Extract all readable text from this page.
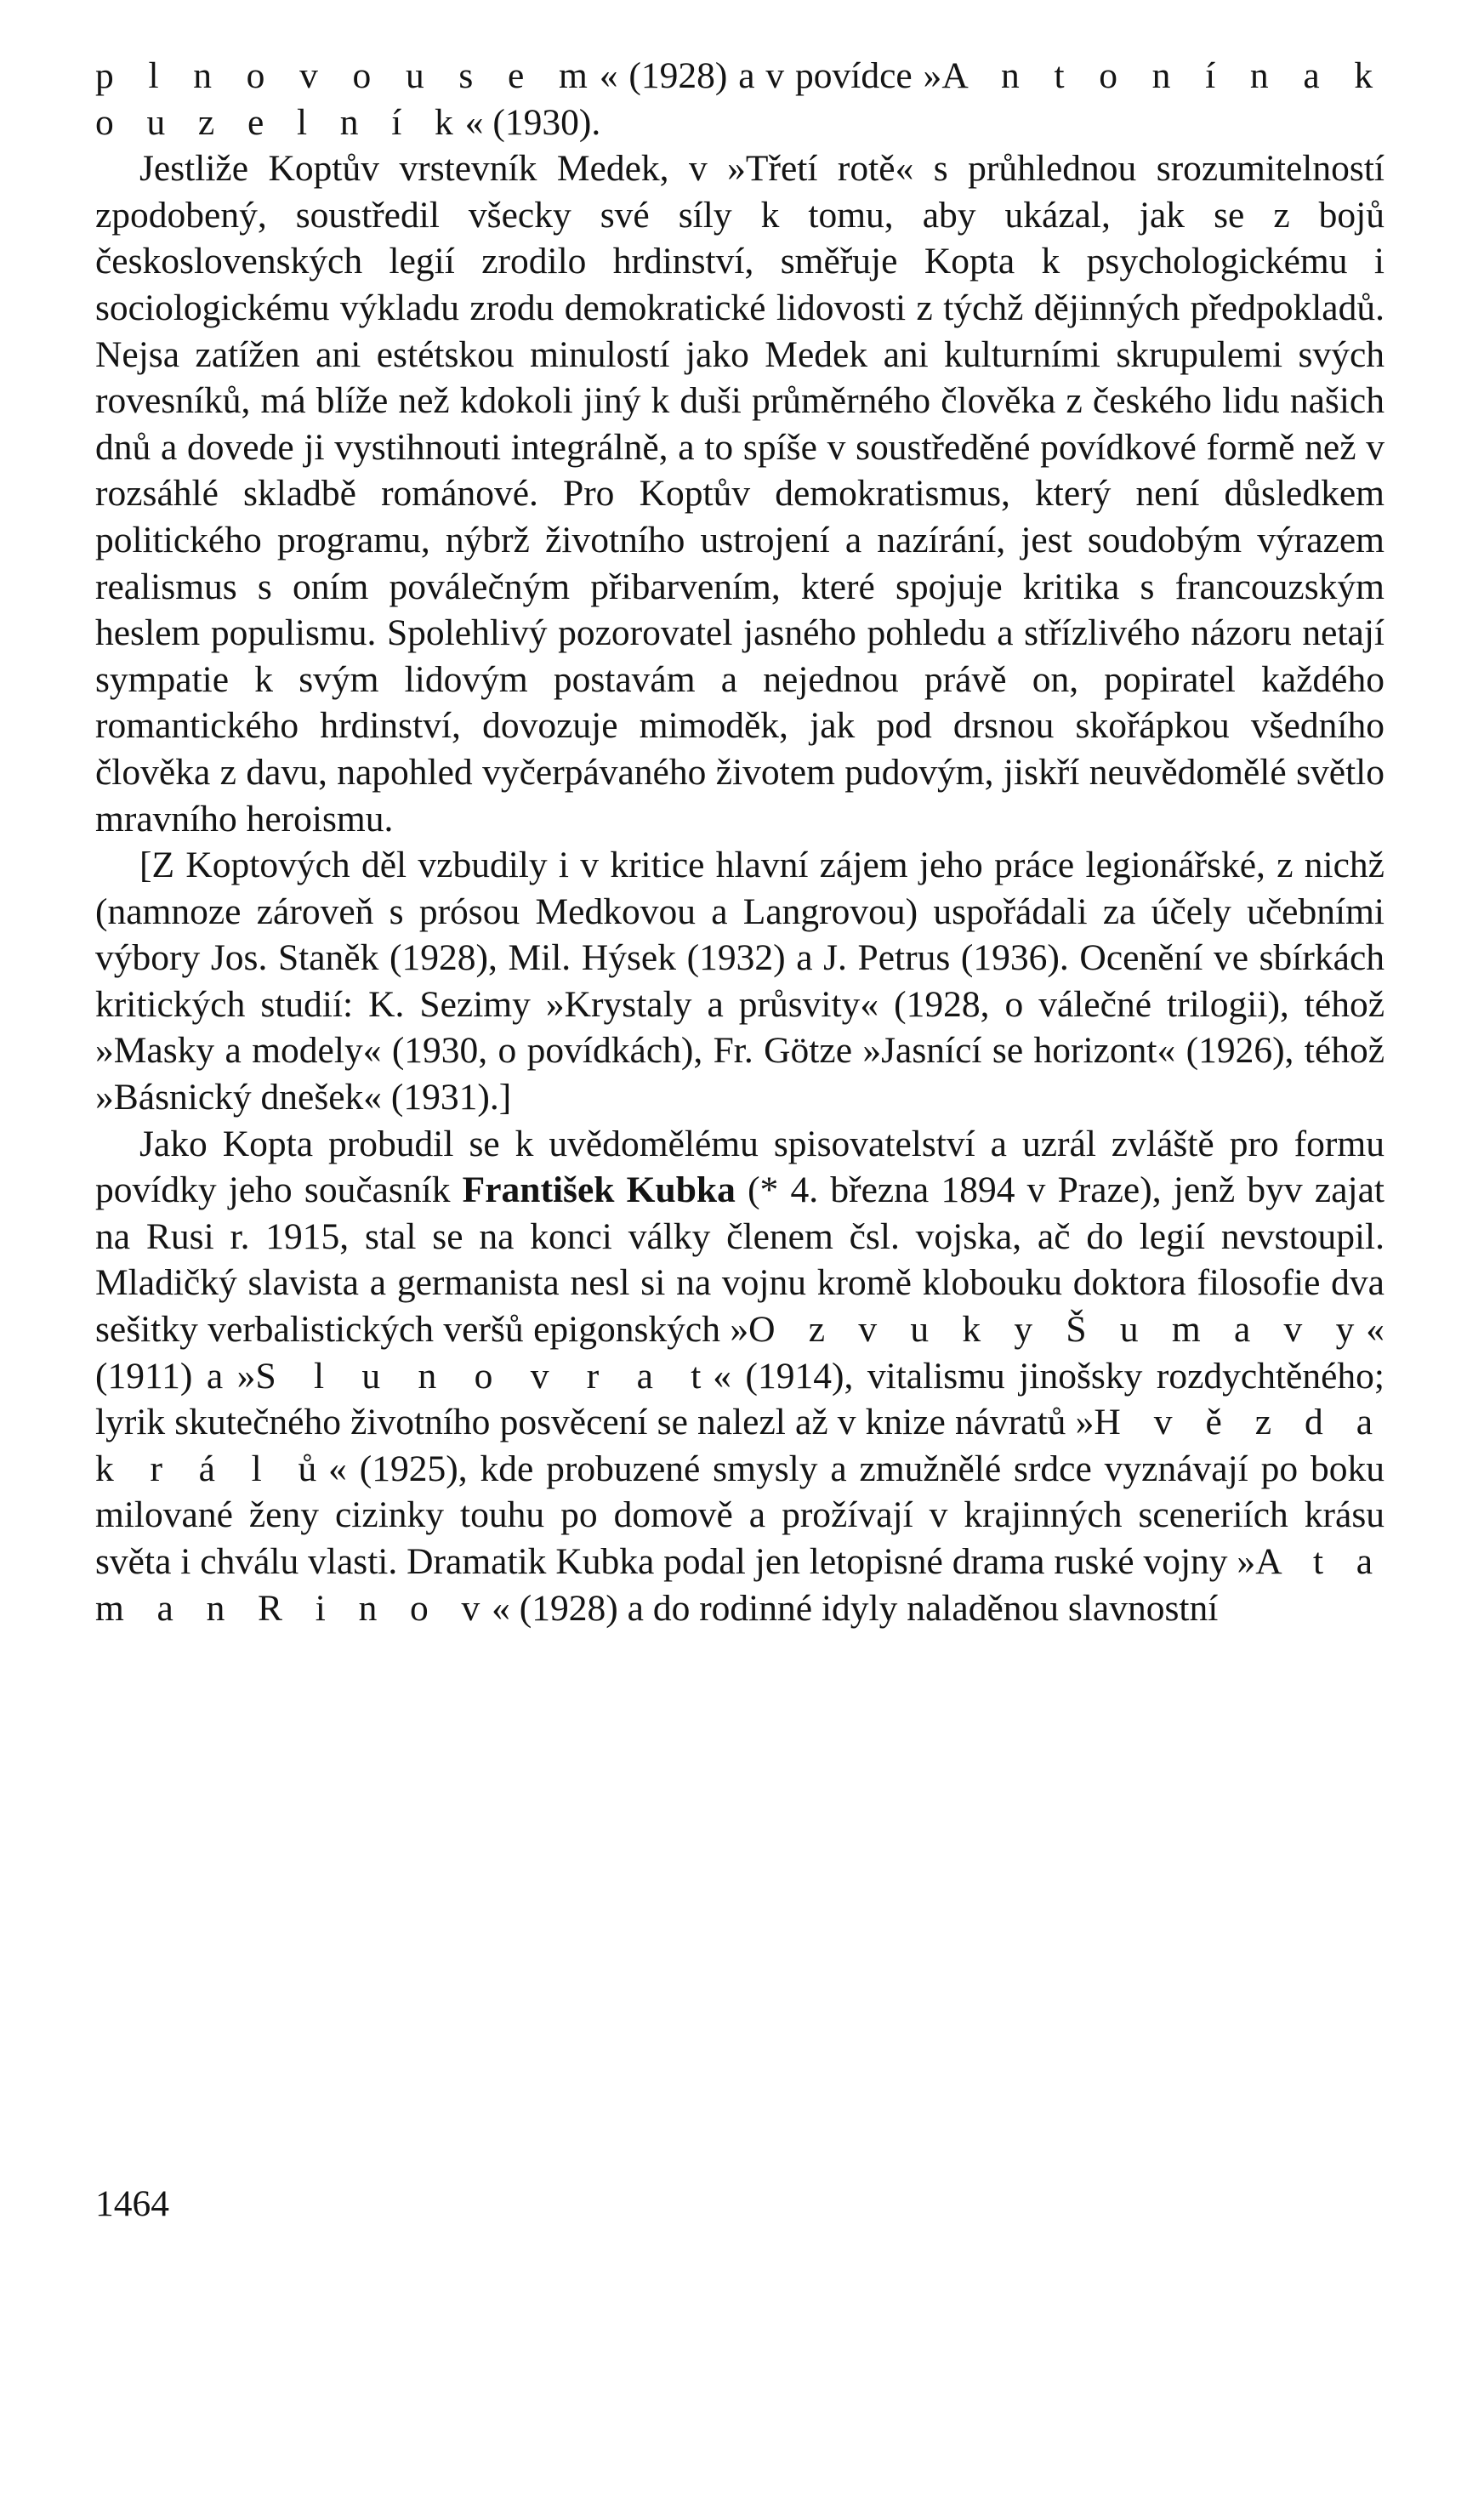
p l n o v o u s e m« (1928) a v povídce »A n t o n í n a k o u z e l n í k« (1930).

Jestliže Koptův vrstevník Medek, v »Třetí rotě« s průhlednou srozumitelností zpodobený, soustředil všecky své síly k tomu, aby ukázal, jak se z bojů československých legií zrodilo hrdinství, směřuje Kopta k psychologickému i sociologickému výkladu zrodu demokratické lidovosti z týchž dějinných předpokladů. Nejsa zatížen ani estétskou minulostí jako Medek ani kulturními skrupulemi svých rovesníků, má blíže než kdokoli jiný k duši průměrného člověka z českého lidu našich dnů a dovede ji vystihnouti integrálně, a to spíše v soustředěné povídkové formě než v rozsáhlé skladbě románové. Pro Koptův demokratismus, který není důsledkem politického programu, nýbrž životního ustrojení a nazírání, jest soudobým výrazem realismus s oním poválečným přibarvením, které spojuje kritika s francouzským heslem populismu. Spolehlivý pozorovatel jasného pohledu a střízlivého názoru netají sympatie k svým lidovým postavám a nejednou právě on, popiratel každého romantického hrdinství, dovozuje mimoděk, jak pod drsnou skořápkou všedního člověka z davu, napohled vyčerpávaného životem pudovým, jiskří neuvědomělé světlo mravního heroismu.

[Z Koptových děl vzbudily i v kritice hlavní zájem jeho práce legionářské, z nichž (namnoze zároveň s prósou Medkovou a Langrovou) uspořádali za účely učebními výbory Jos. Staněk (1928), Mil. Hýsek (1932) a J. Petrus (1936). Ocenění ve sbírkách kritických studií: K. Sezimy »Krystaly a průsvity« (1928, o válečné trilogii), téhož »Masky a modely« (1930, o povídkách), Fr. Götze »Jasnící se horizont« (1926), téhož »Básnický dnešek« (1931).]

Jako Kopta probudil se k uvědomělému spisovatelství a uzrál zvláště pro formu povídky jeho současník František Kubka (* 4. března 1894 v Praze), jenž byv zajat na Rusi r. 1915, stal se na konci války členem čsl. vojska, ač do legií nevstoupil. Mladičký slavista a germanista nesl si na vojnu kromě klobouku doktora filosofie dva sešitky verbalistických veršů epigonských »O z v u k y Š u m a v y« (1911) a »S l u n o v r a t« (1914), vitalismu jinošsky rozdychtěného; lyrik skutečného životního posvěcení se nalezl až v knize návratů »H v ě z d a k r á l ů« (1925), kde probuzené smysly a zmužnělé srdce vyznávají po boku milované ženy cizinky touhu po domově a prožívají v krajinných sceneriích krásu světa i chválu vlasti. Dramatik Kubka podal jen letopisné drama ruské vojny »A t a m a n R i n o v« (1928) a do rodinné idyly naladěnou slavnostní

1464
